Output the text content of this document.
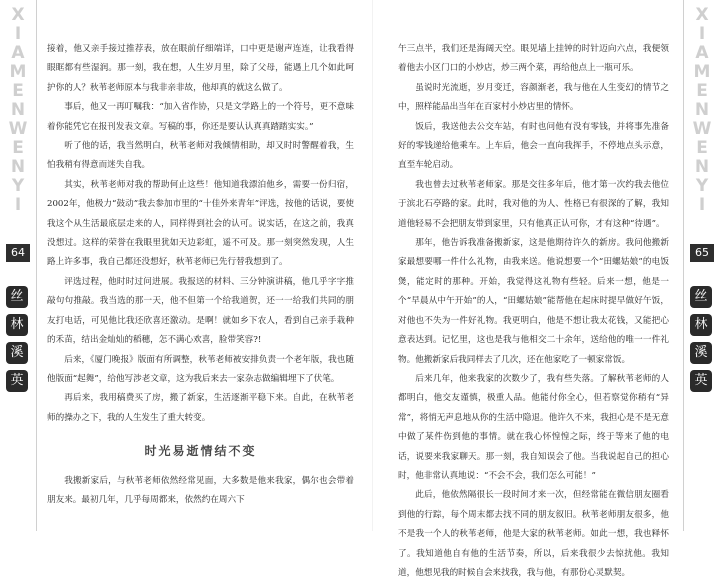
X
I
A
M
E
N
W
E
N
Y
I
64
丝
林
溪
英

接着，他又亲手接过推荐表，放在眼前仔细端详，口中更是谢声连连，让我看得眼眶都有些湿润。那一刻，我在想，人生岁月里，除了父母，能遇上几个如此呵护你的人？秋苇老师原本与我非亲非故，他却真的就这么做了。

事后，他又一再叮嘱我：“加入省作协，只是文学路上的一个符号，更不意味着你能凭它在报刊发表文章。写稿的事，你还是要认认真真踏踏实实。”

听了他的话，我当然明白，秋苇老师对我倾情相助，却又时时警醒着我，生怕我稍有得意而迷失自我。

其实，秋苇老师对我的帮助何止这些！他知道我漂泊他乡，需要一份归宿，2002年，他极力“鼓动”我去参加市里的“十佳外来青年”评选，按他的话说，要使我这个从生活最底层走来的人，同样得到社会的认可。说实话，在这之前，我真没想过。这样的荣誉在我眼里犹如天边彩虹，遥不可及。那一刻突然发现，人生路上许多事，我自己都还没想好，秋苇老师已先行替我想到了。

评选过程，他时时过问进展。我报送的材料、三分钟演讲稿，他几乎字字推敲句句推敲。我当选的那一天，他不但第一个给我道贺，还一一给我们共同的朋友打电话，可见他比我还欣喜还激动。是啊！就如乡下农人，看到自己亲手栽种的禾苗，结出金灿灿的稻穗，怎不满心欢喜，脸带笑容?!

后来，《厦门晚报》版面有所调整，秋苇老师被安排负责一个老年版，我也随他版面“起舞”，给他写涉老文章，这为我后来去一家杂志做编辑埋下了伏笔。

再后来，我用稿费买了房，搬了新家，生活逐渐平稳下来。自此，在秋苇老师的操办之下，我的人生发生了重大转变。

时光易逝情结不变

我搬新家后，与秋苇老师依然经常见面，大多数是他来我家，偶尔也会带着朋友来。最初几年，几乎每周都来，依然约在周六下

午三点半，我们还是海阔天空。眼见墙上挂钟的时针迈向六点，我便领着他去小区门口的小炒店，炒三两个菜，再给他点上一瓶可乐。

虽说时光流逝，岁月变迁，容颜渐老，我与他在人生变幻的情节之中，照样能品出当年在百家村小炒店里的情怀。

饭后，我送他去公交车站，有时也问他有没有零钱，并将事先准备好的零钱递给他乘车。上车后，他会一直向我挥手，不停地点头示意，直至车轮启动。

我也曾去过秋苇老师家。那是交往多年后，他才第一次约我去他位于滨北石亭路的家。此时，我对他的为人、性格已有很深的了解，我知道他轻易不会把朋友带到家里，只有他真正认可你，才有这种“待遇”。

那年，他告诉我准备搬新家，这是他期待许久的新房。我问他搬新家最想要哪一件什么礼物，由我来送。他说想要一个“田螺姑娘”的电饭煲，能定时的那种。开始，我觉得这礼物有些轻。后来一想，他是一个“早晨从中午开始”的人，“田螺姑娘”能帮他在起床时提早做好午饭，对他也不失为一件好礼物。我更明白，他是不想让我太花钱，又能把心意表达到。记忆里，这也是我与他相交二十余年，送给他的唯一一件礼物。他搬新家后我同样去了几次，还在他家吃了一顿家常饭。

后来几年，他来我家的次数少了，我有些失落。了解秋苇老师的人都明白，他交友谨慎，极重人品。他能付你全心，但若察觉你稍有“异常”，将悄无声息地从你的生活中隐退。他许久不来，我担心是不是无意中做了某件伤到他的事情。就在我心怀惶惶之际，终于等来了他的电话，说要来我家聊天。那一刻，我自知误会了他。当我说起自己的担心时，他非常认真地说：“不会不会，我们怎么可能！”

此后，他依然隔很长一段时间才来一次，但经常能在微信朋友圈看到他的行踪，每个周末都去找不同的朋友叙旧。秋苇老师朋友很多，他不是我一个人的秋苇老师，他是大家的秋苇老师。如此一想，我也释怀了。我知道他自有他的生活节奏，所以，后来我很少去惊扰他。我知道，他想见我的时候自会来找我，我与他，有那份心灵默契。

X
I
A
M
E
N
W
E
N
Y
I
65
丝
林
溪
英
